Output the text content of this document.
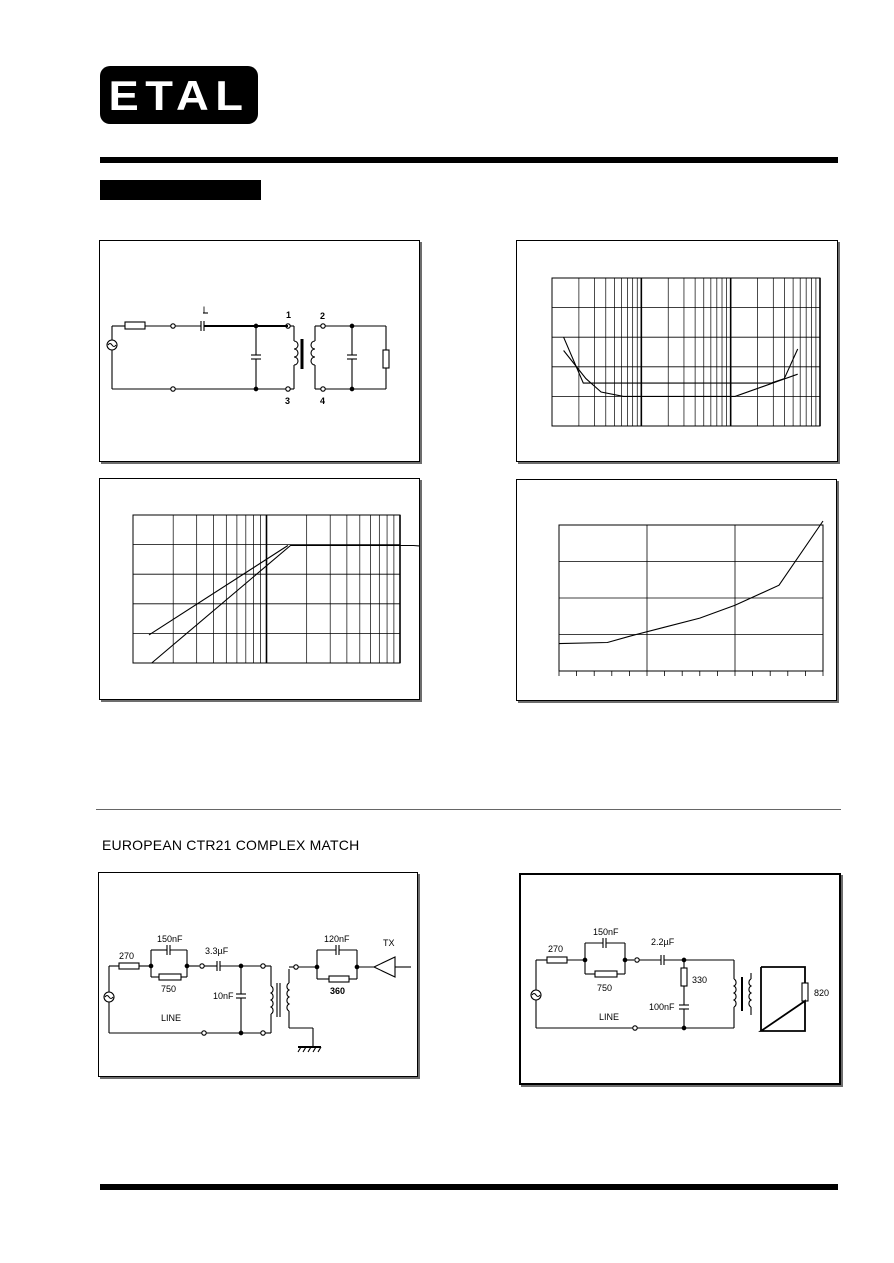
ETAL
I	1
3
2
4
EUROPEAN CTR21 COMPLEX MATCH
270
150nF
750
3.3µF
10nF
LINE
120nF
360
TX
270
150nF
750
2.2µF
330
100nF
LINE
820
